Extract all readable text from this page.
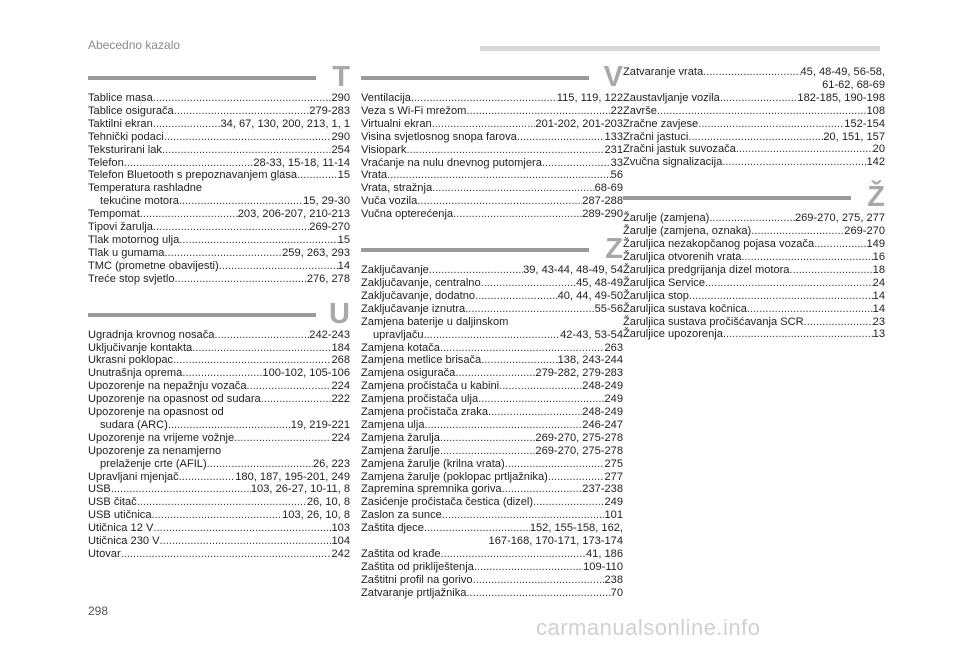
Abecedno kazalo
T
Tablice masa .....	290
Tablice osigurača .....	279-283
Taktilni ekran .....	34, 67, 130, 200, 213, 1, 1
Tehnički podaci .....	290
Teksturirani lak .....	254
Telefon .....	28-33, 15-18, 11-14
Telefon Bluetooth s prepoznavanjem glasa .....	15
Temperatura rashladne
tekućine motora .....	15, 29-30
Tempomat .....	203, 206-207, 210-213
Tipovi žarulja .....	269-270
Tlak motornog ulja .....	15
Tlak u gumama .....	259, 263, 293
TMC (prometne obavijesti) .....	14
Treće stop svjetlo .....	276, 278
U
Ugradnja krovnog nosača .....	242-243
Uključivanje kontakta .....	184
Ukrasni poklopac .....	268
Unutrašnja oprema .....	100-102, 105-106
Upozorenje na nepažnju vozača .....	224
Upozorenje na opasnost od sudara .....	222
Upozorenje na opasnost od
sudara (ARC) .....	19, 219-221
Upozorenje na vrijeme vožnje .....	224
Upozorenje za nenamjerno
prelaženje crte (AFIL) .....	26, 223
Upravljani mjenjač .....	180, 187, 195-201, 249
USB .....	103, 26-27, 10-11, 8
USB čitač .....	26, 10, 8
USB utičnica .....	103, 26, 10, 8
Utičnica 12 V .....	103
Utičnica 230 V .....	104
Utovar .....	242
V
Ventilacija .....	115, 119, 122
Veza s Wi-Fi mrežom .....	22
Virtualni ekran .....	201-202, 201-203
Visina svjetlosnog snopa farova .....	133
Visiopark .....	231
Vraćanje na nulu dnevnog putomjera .....	33
Vrata .....	56
Vrata, stražnja .....	68-69
Vuča vozila .....	287-288
Vučna opterećenja .....	289-290
Z
Zaključavanje .....	39, 43-44, 48-49, 54
Zaključavanje, centralno .....	45, 48-49
Zaključavanje, dodatno .....	40, 44, 49-50
Zaključavanje iznutra .....	55-56
Zamjena baterije u daljinskom
upravljaču .....	42-43, 53-54
Zamjena kotača .....	263
Zamjena metlice brisača .....	138, 243-244
Zamjena osigurača .....	279-282, 279-283
Zamjena pročistača u kabini .....	248-249
Zamjena pročistača ulja .....	249
Zamjena pročistača zraka .....	248-249
Zamjena ulja .....	246-247
Zamjena žarulja .....	269-270, 275-278
Zamjena žarulje .....	269-270, 275-278
Zamjena žarulje (krilna vrata) .....	275
Zamjena žarulje (poklopac prtljažnika) .....	277
Zapremina spremnika goriva .....	237-238
Zasićenje pročistača čestica (dizel) .....	249
Zaslon za sunce .....	101
Zaštita djece .....	152, 155-158, 162,
167-168, 170-171, 173-174
Zaštita od krađe .....	41, 186
Zaštita od prikliještenja .....	109-110
Zaštitni profil na gorivo .....	238
Zatvaranje prtljažnika .....	70
Zatvaranje vrata .....	45, 48-49, 56-58,
61-62, 68-69
Zaustavljanje vozila .....	182-185, 190-198
Završe .....	108
Zračne zavjese .....	152-154
Zračni jastuci .....	20, 151, 157
Zračni jastuk suvozača .....	20
Zvučna signalizacija .....	142
Ž
Žarulje (zamjena) .....	269-270, 275, 277
Žarulje (zamjena, oznaka) .....	269-270
Žaruljica nezakopčanog pojasa vozača .....	149
Žaruljica otvorenih vrata .....	16
Žaruljica predgrijanja dizel motora .....	18
Žaruljica Service .....	24
Žaruljica stop .....	14
Žaruljica sustava kočnica .....	14
Žaruljica sustava pročišćavanja SCR .....	23
Žaruljice upozorenja .....	13
298
carmanualsonline.info
